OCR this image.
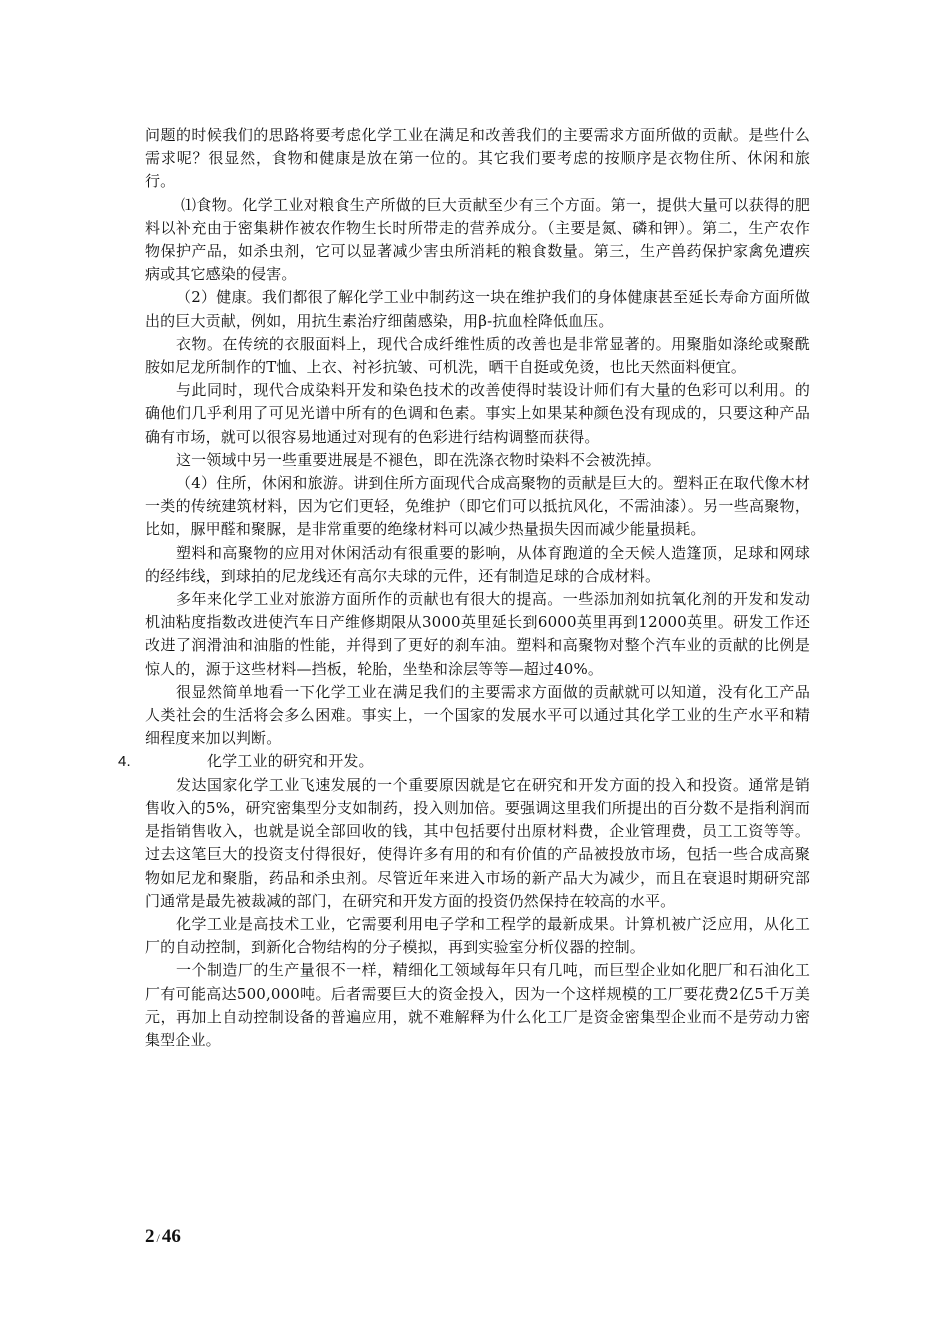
问题的时候我们的思路将要考虑化学工业在满足和改善我们的主要需求方面所做的贡献。是些什么需求呢？很显然，食物和健康是放在第一位的。其它我们要考虑的按顺序是衣物住所、休闲和旅行。

⑴食物。化学工业对粮食生产所做的巨大贡献至少有三个方面。第一，提供大量可以获得的肥料以补充由于密集耕作被农作物生长时所带走的营养成分。（主要是氮、磷和钾）。第二，生产农作物保护产品，如杀虫剂，它可以显著减少害虫所消耗的粮食数量。第三，生产兽药保护家禽免遭疾病或其它感染的侵害。

（2）健康。我们都很了解化学工业中制药这一块在维护我们的身体健康甚至延长寿命方面所做出的巨大贡献，例如，用抗生素治疗细菌感染，用β-抗血栓降低血压。

衣物。在传统的衣服面料上，现代合成纤维性质的改善也是非常显著的。用聚脂如涤纶或聚酰胺如尼龙所制作的T恤、上衣、衬衫抗皱、可机洗，晒干自挺或免烫，也比天然面料便宜。

与此同时，现代合成染料开发和染色技术的改善使得时装设计师们有大量的色彩可以利用。的确他们几乎利用了可见光谱中所有的色调和色素。事实上如果某种颜色没有现成的，只要这种产品确有市场，就可以很容易地通过对现有的色彩进行结构调整而获得。

这一领域中另一些重要进展是不褪色，即在洗涤衣物时染料不会被洗掉。

（4）住所，休闲和旅游。讲到住所方面现代合成高聚物的贡献是巨大的。塑料正在取代像木材一类的传统建筑材料，因为它们更轻，免维护（即它们可以抵抗风化，不需油漆）。另一些高聚物，比如，脲甲醛和聚脲，是非常重要的绝缘材料可以减少热量损失因而减少能量损耗。

塑料和高聚物的应用对休闲活动有很重要的影响，从体育跑道的全天候人造篷顶，足球和网球的经纬线，到球拍的尼龙线还有高尔夫球的元件，还有制造足球的合成材料。

多年来化学工业对旅游方面所作的贡献也有很大的提高。一些添加剂如抗氧化剂的开发和发动机油粘度指数改进使汽车日产维修期限从3000英里延长到6000英里再到12000英里。研发工作还改进了润滑油和油脂的性能，并得到了更好的刹车油。塑料和高聚物对整个汽车业的贡献的比例是惊人的，源于这些材料—挡板，轮胎，坐垫和涂层等等—超过40%。

很显然简单地看一下化学工业在满足我们的主要需求方面做的贡献就可以知道，没有化工产品人类社会的生活将会多么困难。事实上，一个国家的发展水平可以通过其化学工业的生产水平和精细程度来加以判断。

4.	化学工业的研究和开发。

发达国家化学工业飞速发展的一个重要原因就是它在研究和开发方面的投入和投资。通常是销售收入的5%，研究密集型分支如制药，投入则加倍。要强调这里我们所提出的百分数不是指利润而是指销售收入，也就是说全部回收的钱，其中包括要付出原材料费，企业管理费，员工工资等等。过去这笔巨大的投资支付得很好，使得许多有用的和有价值的产品被投放市场，包括一些合成高聚物如尼龙和聚脂，药品和杀虫剂。尽管近年来进入市场的新产品大为减少，而且在衰退时期研究部门通常是最先被裁减的部门，在研究和开发方面的投资仍然保持在较高的水平。

化学工业是高技术工业，它需要利用电子学和工程学的最新成果。计算机被广泛应用，从化工厂的自动控制，到新化合物结构的分子模拟，再到实验室分析仪器的控制。

一个制造厂的生产量很不一样，精细化工领域每年只有几吨，而巨型企业如化肥厂和石油化工厂有可能高达500,000吨。后者需要巨大的资金投入，因为一个这样规模的工厂要花费2亿5千万美元，再加上自动控制设备的普遍应用，就不难解释为什么化工厂是资金密集型企业而不是劳动力密集型企业。

2 / 46
